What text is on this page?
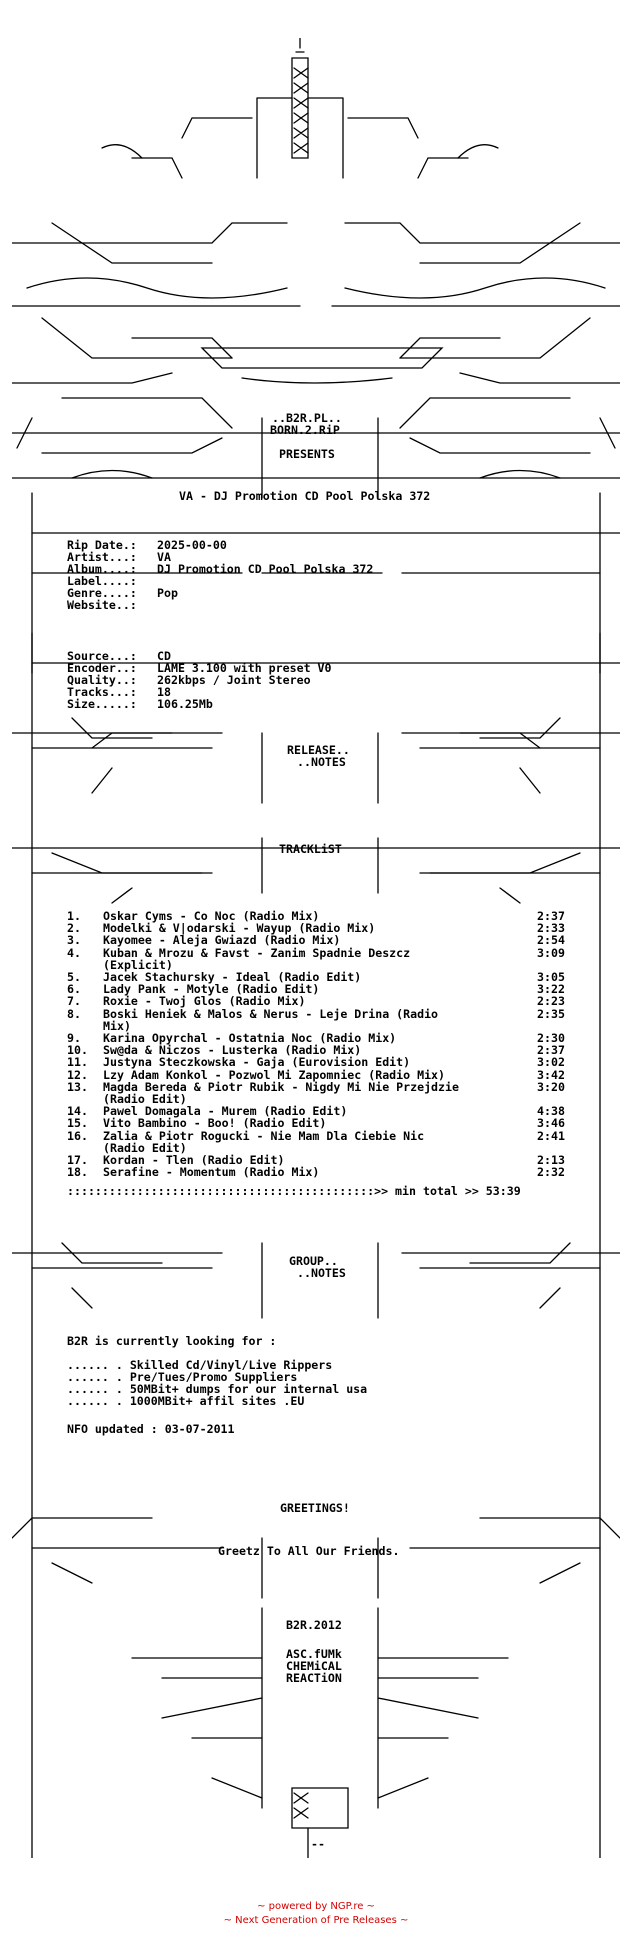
..B2R.PL..
BORN.2.RiP
PRESENTS
VA - DJ Promotion CD Pool Polska 372
Rip Date.: 2025-00-00
Artist...: VA
Album....: DJ Promotion CD Pool Polska 372
Label....:
Genre....: Pop
Website..:
Source...: CD
Encoder..: LAME 3.100 with preset V0
Quality..: 262kbps / Joint Stereo
Tracks...: 18
Size.....: 106.25Mb
RELEASE..
..NOTES
TRACKLiST
1. Oskar Cyms - Co Noc (Radio Mix)	2:37
2. Modelki & V|odarski - Wayup (Radio Mix)	2:33
3. Kayomee - Aleja Gwiazd (Radio Mix)	2:54
4. Kuban & Mrozu & Favst - Zanim Spadnie Deszcz	3:09
(Explicit)
5. Jacek Stachursky - Ideal (Radio Edit)	3:05
6. Lady Pank - Motyle (Radio Edit)	3:22
7. Roxie - Twoj Glos (Radio Mix)	2:23
8. Boski Heniek & Malos & Nerus - Leje Drina (Radio	2:35
Mix)
9. Karina Opyrchal - Ostatnia Noc (Radio Mix)	2:30
10. Sw@da & Niczos - Lusterka (Radio Mix)	2:37
11. Justyna Steczkowska - Gaja (Eurovision Edit)	3:02
12. Lzy Adam Konkol - Pozwol Mi Zapomniec (Radio Mix)	3:42
13. Magda Bereda & Piotr Rubik - Nigdy Mi Nie Przejdzie	3:20
(Radio Edit)
14. Pawel Domagala - Murem (Radio Edit)	4:38
15. Vito Bambino - Boo! (Radio Edit)	3:46
16. Zalia & Piotr Rogucki - Nie Mam Dla Ciebie Nic	2:41
(Radio Edit)
17. Kordan - Tlen (Radio Edit)	2:13
18. Serafine - Momentum (Radio Mix)	2:32
::::::::::::::::::::::::::::::::::::::::::::>> min total >> 53:39
GROUP..
..NOTES
B2R is currently looking for :
...... . Skilled Cd/Vinyl/Live Rippers
...... . Pre/Tues/Promo Suppliers
...... . 50MBit+ dumps for our internal usa
...... . 1000MBit+ affil sites .EU
NFO updated : 03-07-2011
GREETINGS!
Greetz To All Our Friends.
B2R.2012
ASC.fUMk
CHEMiCAL
REACTiON
--
~ powered by NGP.re ~
~ Next Generation of Pre Releases ~
